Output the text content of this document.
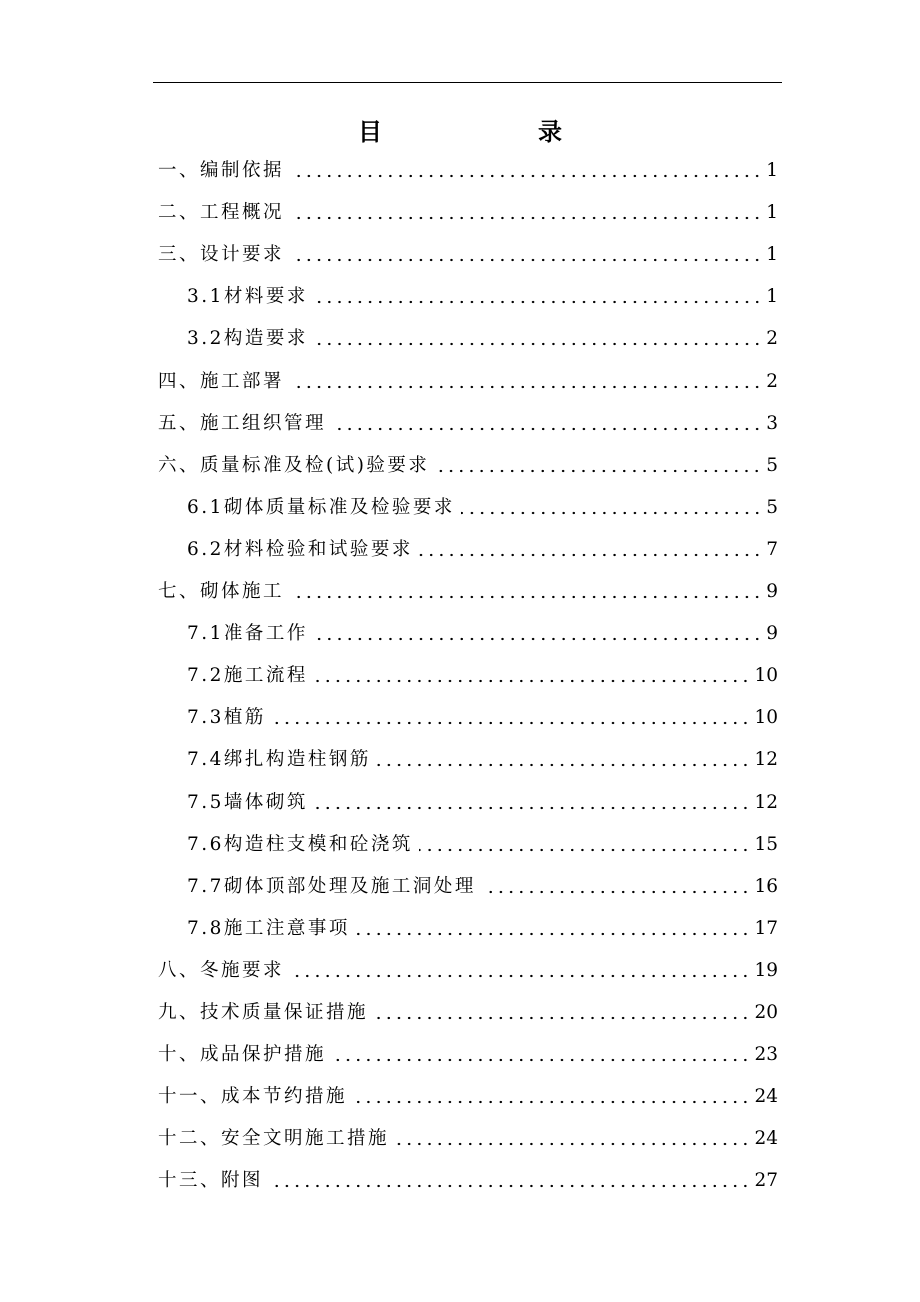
目　　录
一、编制依据	1
二、工程概况	1
三、设计要求	1
3.1材料要求	1
3.2构造要求	2
四、施工部署	2
五、施工组织管理	3
六、质量标准及检(试)验要求	5
6.1砌体质量标准及检验要求	5
6.2材料检验和试验要求	7
七、砌体施工	9
7.1准备工作	9
7.2施工流程	10
7.3植筋	10
7.4绑扎构造柱钢筋	12
7.5墙体砌筑	12
7.6构造柱支模和砼浇筑	15
7.7砌体顶部处理及施工洞处理	16
7.8施工注意事项	17
八、冬施要求	19
九、技术质量保证措施	20
十、成品保护措施	23
十一、成本节约措施	24
十二、安全文明施工措施	24
十三、附图	27
